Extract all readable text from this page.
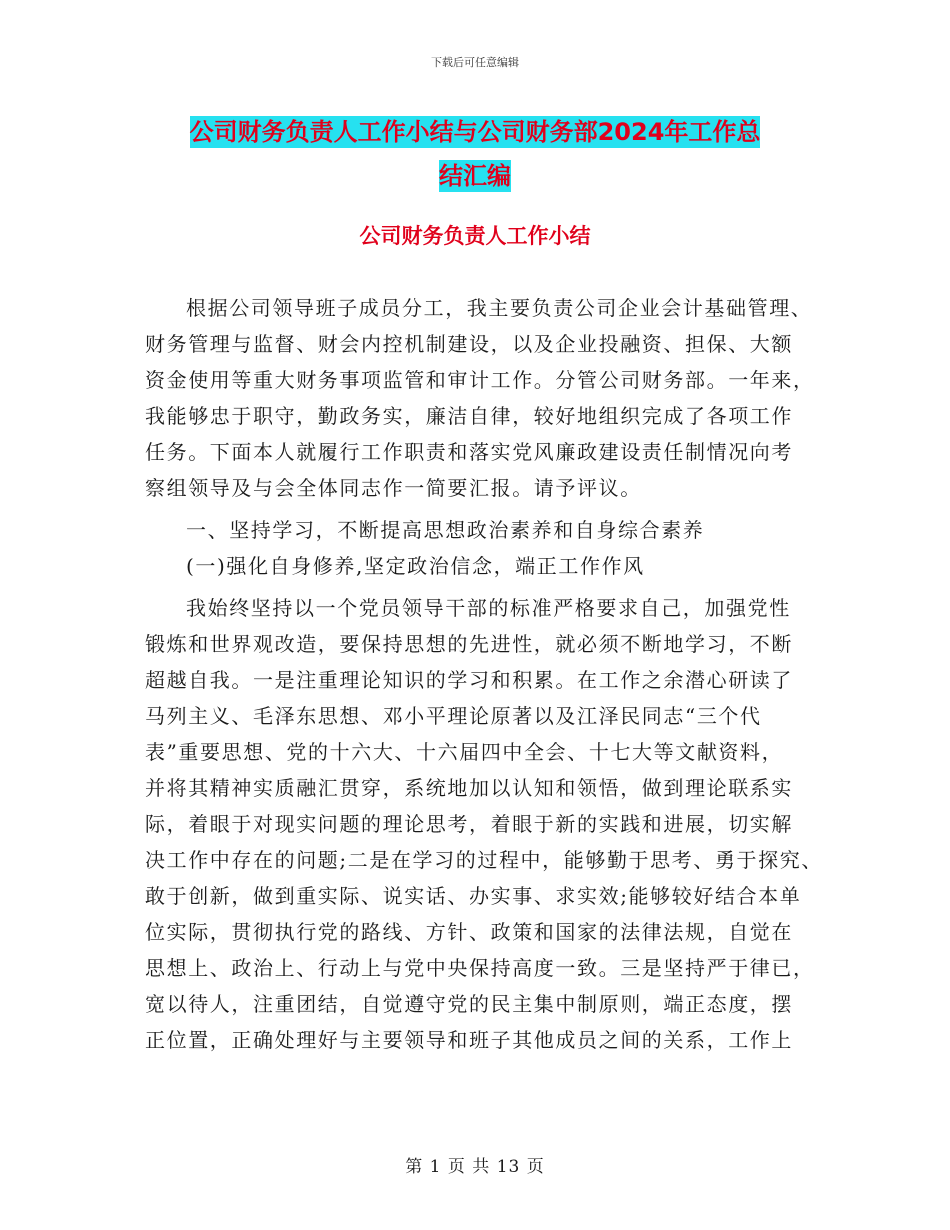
下载后可任意编辑
公司财务负责人工作小结与公司财务部2024年工作总
结汇编
公司财务负责人工作小结
根据公司领导班子成员分工，我主要负责公司企业会计基础管理、
财务管理与监督、财会内控机制建设，以及企业投融资、担保、大额
资金使用等重大财务事项监管和审计工作。分管公司财务部。一年来，
我能够忠于职守，勤政务实，廉洁自律，较好地组织完成了各项工作
任务。下面本人就履行工作职责和落实党风廉政建设责任制情况向考
察组领导及与会全体同志作一简要汇报。请予评议。
一、坚持学习，不断提高思想政治素养和自身综合素养
(一)强化自身修养,坚定政治信念，端正工作作风
我始终坚持以一个党员领导干部的标准严格要求自己，加强党性
锻炼和世界观改造，要保持思想的先进性，就必须不断地学习，不断
超越自我。一是注重理论知识的学习和积累。在工作之余潜心研读了
马列主义、毛泽东思想、邓小平理论原著以及江泽民同志“三个代
表”重要思想、党的十六大、十六届四中全会、十七大等文献资料，
并将其精神实质融汇贯穿，系统地加以认知和领悟，做到理论联系实
际，着眼于对现实问题的理论思考，着眼于新的实践和进展，切实解
决工作中存在的问题;二是在学习的过程中，能够勤于思考、勇于探究、
敢于创新，做到重实际、说实话、办实事、求实效;能够较好结合本单
位实际，贯彻执行党的路线、方针、政策和国家的法律法规，自觉在
思想上、政治上、行动上与党中央保持高度一致。三是坚持严于律已，
宽以待人，注重团结，自觉遵守党的民主集中制原则，端正态度，摆
正位置，正确处理好与主要领导和班子其他成员之间的关系，工作上
第 1 页 共 13 页
